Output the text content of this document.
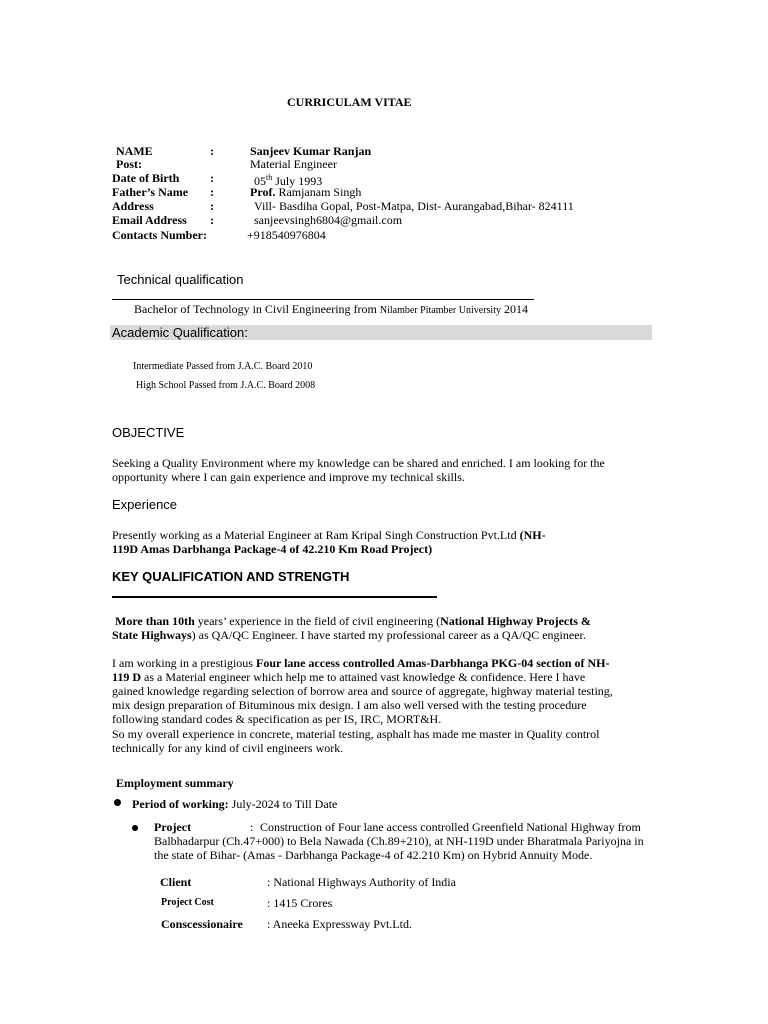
CURRICULAM VITAE
NAME	:	Sanjeev Kumar Ranjan
Post:	Material Engineer
Date of Birth	:	05th July 1993
Father’s Name :	Prof. Ramjanam Singh
Address	:	Vill- Basdiha Gopal, Post-Matpa, Dist- Aurangabad,Bihar- 824111
Email Address :	sanjeevsingh6804@gmail.com
Contacts Number:	+918540976804
Technical qualification
Bachelor of Technology in Civil Engineering from Nilamber Pitamber University 2014
Academic Qualification:
Intermediate Passed from J.A.C. Board 2010
High School Passed from J.A.C. Board 2008
OBJECTIVE
Seeking a Quality Environment where my knowledge can be shared and enriched. I am looking for the opportunity where I can gain experience and improve my technical skills.
Experience
Presently working as a Material Engineer at Ram Kripal Singh Construction Pvt.Ltd (NH-119D Amas Darbhanga Package-4 of 42.210 Km Road Project)
KEY QUALIFICATION AND STRENGTH
More than 10th years’ experience in the field of civil engineering (National Highway Projects & State Highways) as QA/QC Engineer. I have started my professional career as a QA/QC engineer.
I am working in a prestigious Four lane access controlled Amas-Darbhanga PKG-04 section of NH-119 D as a Material engineer which help me to attained vast knowledge & confidence. Here I have gained knowledge regarding selection of borrow area and source of aggregate, highway material testing, mix design preparation of Bituminous mix design. I am also well versed with the testing procedure following standard codes & specification as per IS, IRC, MORT&H.
So my overall experience in concrete, material testing, asphalt has made me master in Quality control technically for any kind of civil engineers work.
Employment summary
Period of working: July-2024 to Till Date
Project	: Construction of Four lane access controlled Greenfield National Highway from Balbhadarpur (Ch.47+000) to Bela Nawada (Ch.89+210), at NH-119D under Bharatmala Pariyojna in the state of Bihar- (Amas - Darbhanga Package-4 of 42.210 Km) on Hybrid Annuity Mode.
Client	: National Highways Authority of India
Project Cost	: 1415 Crores
Conscessionaire : Aneeka Expressway Pvt.Ltd.
